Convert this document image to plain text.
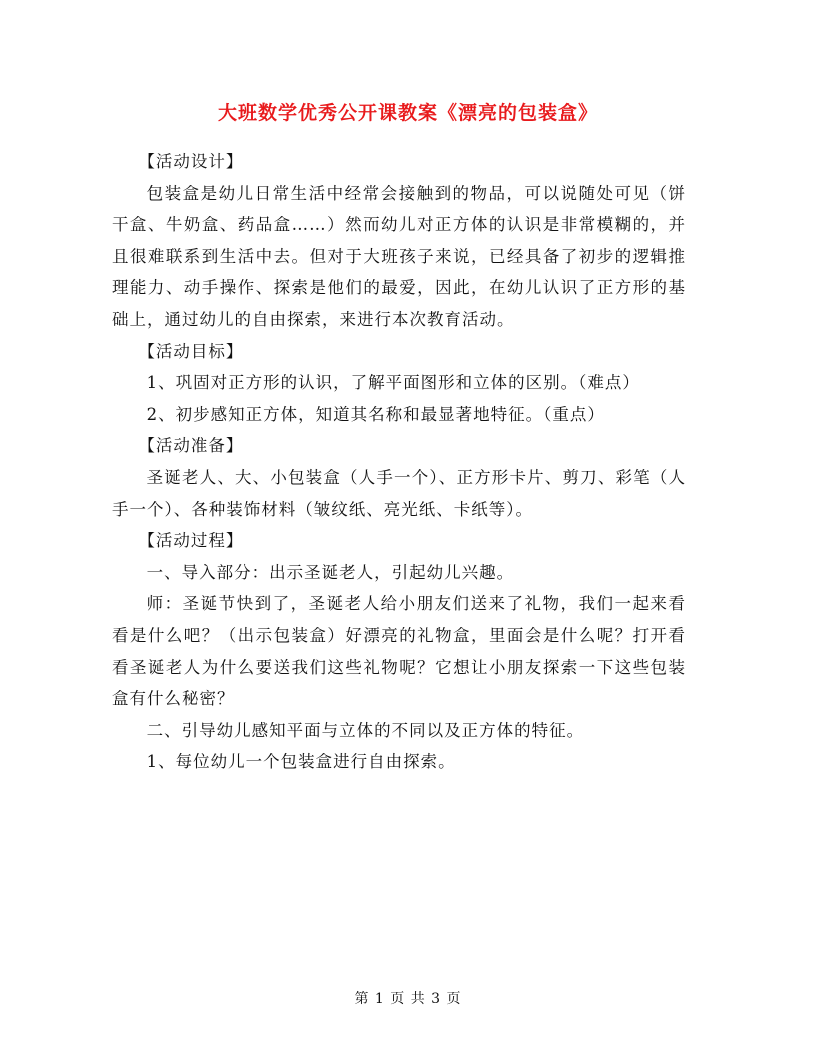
大班数学优秀公开课教案《漂亮的包装盒》

【活动设计】

包装盒是幼儿日常生活中经常会接触到的物品，可以说随处可见（饼干盒、牛奶盒、药品盒……）然而幼儿对正方体的认识是非常模糊的，并且很难联系到生活中去。但对于大班孩子来说，已经具备了初步的逻辑推理能力、动手操作、探索是他们的最爱，因此，在幼儿认识了正方形的基础上，通过幼儿的自由探索，来进行本次教育活动。

【活动目标】

1、巩固对正方形的认识，了解平面图形和立体的区别。（难点）

2、初步感知正方体，知道其名称和最显著地特征。（重点）

【活动准备】

圣诞老人、大、小包装盒（人手一个）、正方形卡片、剪刀、彩笔（人手一个）、各种装饰材料（皱纹纸、亮光纸、卡纸等）。

【活动过程】

一、导入部分：出示圣诞老人，引起幼儿兴趣。

师：圣诞节快到了，圣诞老人给小朋友们送来了礼物，我们一起来看看是什么吧？（出示包装盒）好漂亮的礼物盒，里面会是什么呢？打开看看圣诞老人为什么要送我们这些礼物呢？它想让小朋友探索一下这些包装盒有什么秘密？

二、引导幼儿感知平面与立体的不同以及正方体的特征。

1、每位幼儿一个包装盒进行自由探索。

第 1 页 共 3 页
